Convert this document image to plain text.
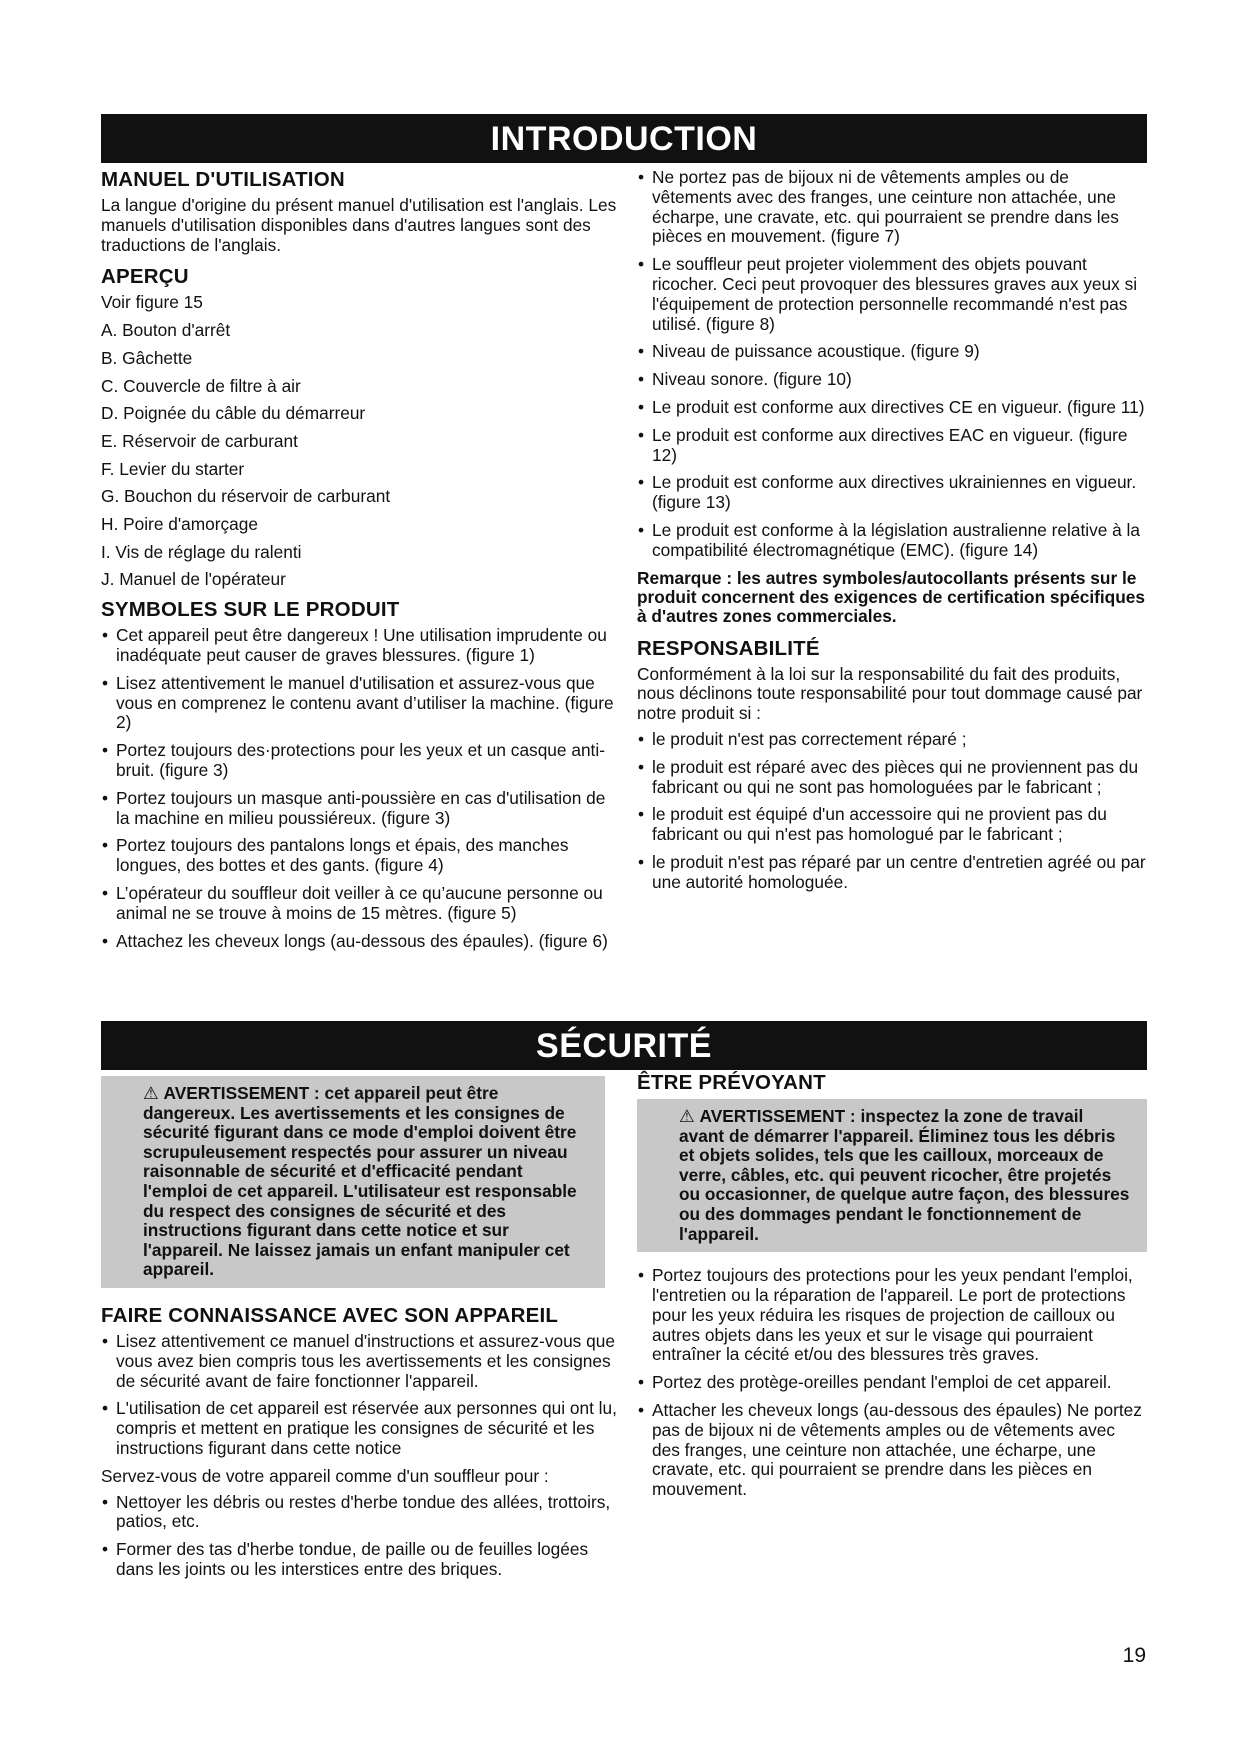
INTRODUCTION
MANUEL D'UTILISATION

La langue d'origine du présent manuel d'utilisation est l'anglais. Les manuels d'utilisation disponibles dans d'autres langues sont des traductions de l'anglais.

APERÇU

Voir figure 15

A. Bouton d'arrêt
B. Gâchette
C. Couvercle de filtre à air
D. Poignée du câble du démarreur
E. Réservoir de carburant
F. Levier du starter
G. Bouchon du réservoir de carburant
H. Poire d'amorçage
I. Vis de réglage du ralenti
J. Manuel de l'opérateur
SYMBOLES SUR LE PRODUIT
• Cet appareil peut être dangereux ! Une utilisation imprudente ou inadéquate peut causer de graves blessures. (figure 1)
• Lisez attentivement le manuel d'utilisation et assurez-vous que vous en comprenez le contenu avant d’utiliser la machine. (figure 2)
• Portez toujours des·protections pour les yeux et un casque anti-bruit. (figure 3)
• Portez toujours un masque anti-poussière en cas d'utilisation de la machine en milieu poussiéreux. (figure 3)
• Portez toujours des pantalons longs et épais, des manches longues, des bottes et des gants. (figure 4)
• L’opérateur du souffleur doit veiller à ce qu’aucune personne ou animal ne se trouve à moins de 15 mètres. (figure 5)
• Attachez les cheveux longs (au-dessous des épaules). (figure 6)
• Ne portez pas de bijoux ni de vêtements amples ou de vêtements avec des franges, une ceinture non attachée, une écharpe, une cravate, etc. qui pourraient se prendre dans les pièces en mouvement. (figure 7)
• Le souffleur peut projeter violemment des objets pouvant ricocher. Ceci peut provoquer des blessures graves aux yeux si l'équipement de protection personnelle recommandé n'est pas utilisé. (figure 8)
• Niveau de puissance acoustique. (figure 9)
• Niveau sonore. (figure 10)
• Le produit est conforme aux directives CE en vigueur. (figure 11)
• Le produit est conforme aux directives EAC en vigueur. (figure 12)
• Le produit est conforme aux directives ukrainiennes en vigueur. (figure 13)
• Le produit est conforme à la législation australienne relative à la compatibilité électromagnétique (EMC). (figure 14)

Remarque : les autres symboles/autocollants présents sur le produit concernent des exigences de certification spécifiques à d'autres zones commerciales.

RESPONSABILITÉ

Conformément à la loi sur la responsabilité du fait des produits, nous déclinons toute responsabilité pour tout dommage causé par notre produit si :

• le produit n'est pas correctement réparé ;
• le produit est réparé avec des pièces qui ne proviennent pas du fabricant ou qui ne sont pas homologuées par le fabricant ;
• le produit est équipé d'un accessoire qui ne provient pas du fabricant ou qui n'est pas homologué par le fabricant ;
• le produit n'est pas réparé par un centre d'entretien agréé ou par une autorité homologuée.
SÉCURITÉ
⚠ AVERTISSEMENT : cet appareil peut être dangereux. Les avertissements et les consignes de sécurité figurant dans ce mode d'emploi doivent être scrupuleusement respectés pour assurer un niveau raisonnable de sécurité et d'efficacité pendant l'emploi de cet appareil. L'utilisateur est responsable du respect des consignes de sécurité et des instructions figurant dans cette notice et sur l'appareil. Ne laissez jamais un enfant manipuler cet appareil.
FAIRE CONNAISSANCE AVEC SON APPAREIL
• Lisez attentivement ce manuel d'instructions et assurez-vous que vous avez bien compris tous les avertissements et les consignes de sécurité avant de faire fonctionner l'appareil.
• L'utilisation de cet appareil est réservée aux personnes qui ont lu, compris et mettent en pratique les consignes de sécurité et les instructions figurant dans cette notice

Servez-vous de votre appareil comme d'un souffleur pour :

• Nettoyer les débris ou restes d'herbe tondue des allées, trottoirs, patios, etc.
• Former des tas d'herbe tondue, de paille ou de feuilles logées dans les joints ou les interstices entre des briques.
ÊTRE PRÉVOYANT
⚠ AVERTISSEMENT : inspectez la zone de travail avant de démarrer l'appareil. Éliminez tous les débris et objets solides, tels que les cailloux, morceaux de verre, câbles, etc. qui peuvent ricocher, être projetés ou occasionner, de quelque autre façon, des blessures ou des dommages pendant le fonctionnement de l'appareil.
• Portez toujours des protections pour les yeux pendant l'emploi, l'entretien ou la réparation de l'appareil. Le port de protections pour les yeux réduira les risques de projection de cailloux ou autres objets dans les yeux et sur le visage qui pourraient entraîner la cécité et/ou des blessures très graves.
• Portez des protège-oreilles pendant l'emploi de cet appareil.
• Attacher les cheveux longs (au-dessous des épaules) Ne portez pas de bijoux ni de vêtements amples ou de vêtements avec des franges, une ceinture non attachée, une écharpe, une cravate, etc. qui pourraient se prendre dans les pièces en mouvement.
19
